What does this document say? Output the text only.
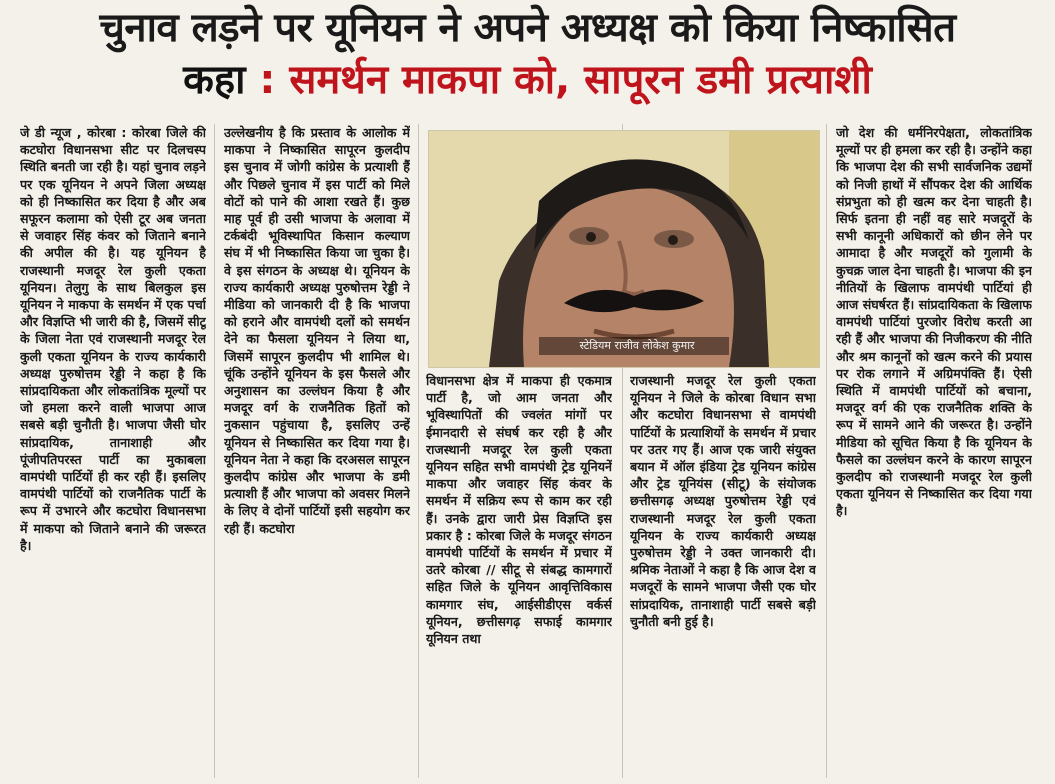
चुनाव लड़ने पर यूनियन ने अपने अध्यक्ष को किया निष्कासित
कहा : समर्थन माकपा को, सापूरन डमी प्रत्याशी

जे डी न्यूज , कोरबा : कोरबा जिले की कटघोरा विधानसभा सीट पर दिलचस्प स्थिति बनती जा रही है। यहां चुनाव लड़ने पर एक यूनियन ने अपने जिला अध्यक्ष को ही निष्कासित कर दिया है और अब सफूरन कलामा को ऐसी टूर अब जनता से जवाहर सिंह कंवर को जिताने बनाने की अपील की है। यह यूनियन है राजस्थानी मजदूर रेल कुली एकता यूनियन। तेलुगु के साथ बिलकुल इस यूनियन ने माकपा के समर्थन में एक पर्चा और विज्ञप्ति भी जारी की है, जिसमें सीटू के जिला नेता एवं राजस्थानी मजदूर रेल कुली एकता यूनियन के राज्य कार्यकारी अध्यक्ष पुरुषोत्तम रेड्डी ने कहा है कि सांप्रदायिकता और लोकतांत्रिक मूल्यों पर जो हमला करने वाली भाजपा आज सबसे बड़ी चुनौती है। भाजपा जैसी घोर सांप्रदायिक, तानाशाही और पूंजीपतिपरस्त पार्टी का मुकाबला वामपंथी पार्टियों ही कर रही हैं। इसलिए वामपंथी पार्टियों को राजनैतिक पार्टी के रूप में उभारने और कटघोरा विधानसभा में माकपा को जिताने बनाने की जरूरत है।

उल्लेखनीय है कि प्रस्ताव के आलोक में माकपा ने निष्कासित सापूरन कुलदीप इस चुनाव में जोगी कांग्रेस के प्रत्याशी हैं और पिछले चुनाव में इस पार्टी को मिले वोटों को पाने की आशा रखते हैं। कुछ माह पूर्व ही उसी भाजपा के अलावा में टर्कबंदी भूविस्थापित किसान कल्याण संघ में भी निष्कासित किया जा चुका है। वे इस संगठन के अध्यक्ष थे। यूनियन के राज्य कार्यकारी अध्यक्ष पुरुषोत्तम रेड्डी ने मीडिया को जानकारी दी है कि भाजपा को हराने और वामपंथी दलों को समर्थन देने का फैसला यूनियन ने लिया था, जिसमें सापूरन कुलदीप भी शामिल थे। चूंकि उन्होंने यूनियन के इस फैसले और अनुशासन का उल्लंघन किया है और मजदूर वर्ग के राजनैतिक हितों को नुकसान पहुंचाया है, इसलिए उन्हें यूनियन से निष्कासित कर दिया गया है। यूनियन नेता ने कहा कि दरअसल सापूरन कुलदीप कांग्रेस और भाजपा के डमी प्रत्याशी हैं और भाजपा को अवसर मिलने के लिए वे दोनों पार्टियों इसी सहयोग कर रही हैं। कटघोरा

स्टेडियम राजीव लोकेश कुमार

विधानसभा क्षेत्र में माकपा ही एकमात्र पार्टी है, जो आम जनता और भूविस्थापितों की ज्वलंत मांगों पर ईमानदारी से संघर्ष कर रही है और राजस्थानी मजदूर रेल कुली एकता यूनियन सहित सभी वामपंथी ट्रेड यूनियनें माकपा और जवाहर सिंह कंवर के समर्थन में सक्रिय रूप से काम कर रही हैं। उनके द्वारा जारी प्रेस विज्ञप्ति इस प्रकार है : कोरबा जिले के मजदूर संगठन वामपंथी पार्टियों के समर्थन में प्रचार में उतरे कोरबा // सीटू से संबद्ध कामगारों सहित जिले के यूनियन आवृत्तिविकास कामगार संघ, आईसीडीएस वर्कर्स यूनियन, छत्तीसगढ़ सफाई कामगार यूनियन तथा

राजस्थानी मजदूर रेल कुली एकता यूनियन ने जिले के कोरबा विधान सभा और कटघोरा विधानसभा से वामपंथी पार्टियों के प्रत्याशियों के समर्थन में प्रचार पर उतर गए हैं। आज एक जारी संयुक्त बयान में ऑल इंडिया ट्रेड यूनियन कांग्रेस और ट्रेड यूनियंस (सीटू) के संयोजक छत्तीसगढ़ अध्यक्ष पुरुषोत्तम रेड्डी एवं राजस्थानी मजदूर रेल कुली एकता यूनियन के राज्य कार्यकारी अध्यक्ष पुरुषोत्तम रेड्डी ने उक्त जानकारी दी। श्रमिक नेताओं ने कहा है कि आज देश व मजदूरों के सामने भाजपा जैसी एक घोर सांप्रदायिक, तानाशाही पार्टी सबसे बड़ी चुनौती बनी हुई है।

जो देश की धर्मनिरपेक्षता, लोकतांत्रिक मूल्यों पर ही हमला कर रही है। उन्होंने कहा कि भाजपा देश की सभी सार्वजनिक उद्यमों को निजी हाथों में सौंपकर देश की आर्थिक संप्रभुता को ही खत्म कर देना चाहती है। सिर्फ इतना ही नहीं वह सारे मजदूरों के सभी कानूनी अधिकारों को छीन लेने पर आमादा है और मजदूरों को गुलामी के कुचक्र जाल देना चाहती है। भाजपा की इन नीतियों के खिलाफ वामपंथी पार्टियां ही आज संघर्षरत हैं। सांप्रदायिकता के खिलाफ वामपंथी पार्टियां पुरजोर विरोध करती आ रही हैं और भाजपा की निजीकरण की नीति और श्रम कानूनों को खत्म करने की प्रयास पर रोक लगाने में अग्रिमपंक्ति हैं। ऐसी स्थिति में वामपंथी पार्टियों को बचाना, मजदूर वर्ग की एक राजनैतिक शक्ति के रूप में सामने आने की जरूरत है। उन्होंने मीडिया को सूचित किया है कि यूनियन के फैसले का उल्लंघन करने के कारण सापूरन कुलदीप को राजस्थानी मजदूर रेल कुली एकता यूनियन से निष्कासित कर दिया गया है।
